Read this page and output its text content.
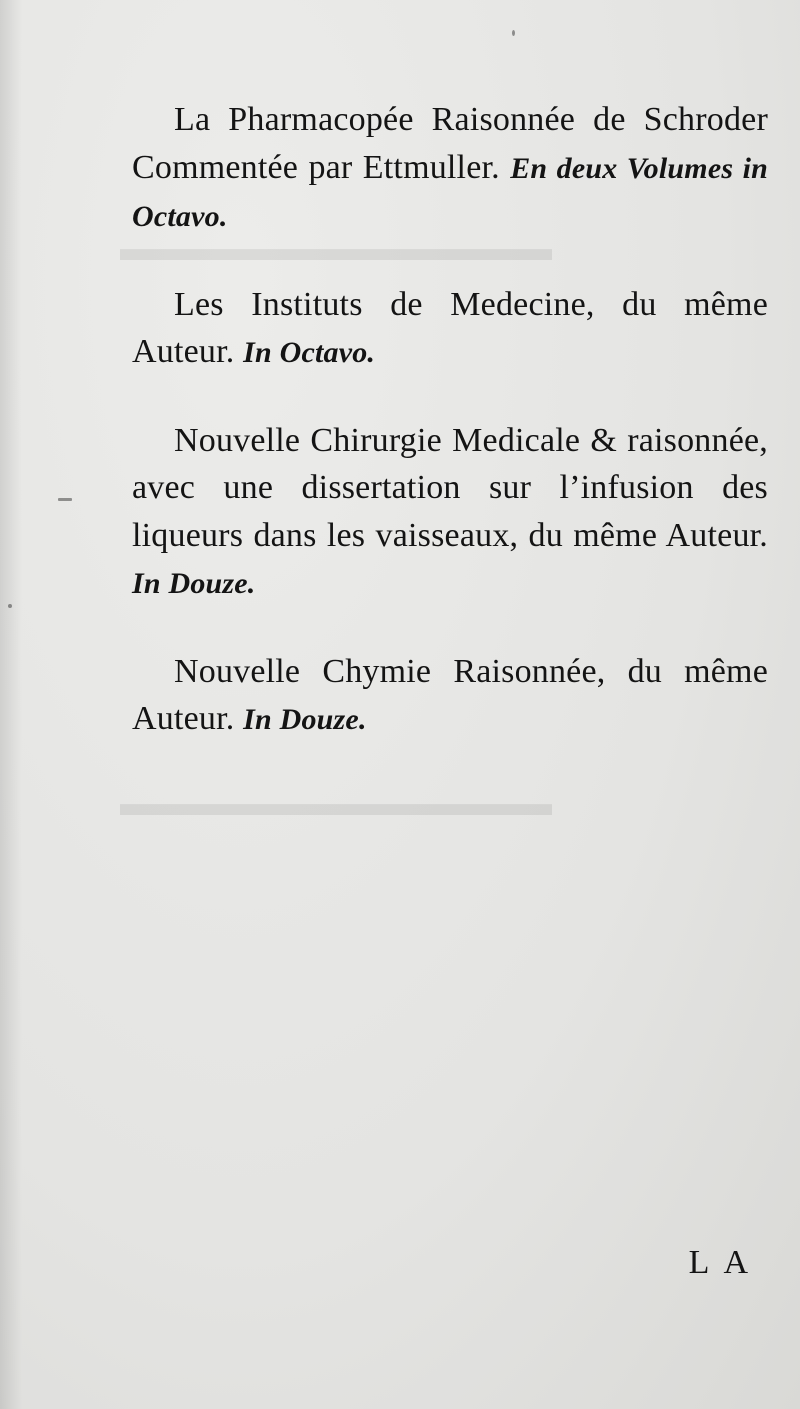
▬▬▬▬▬▬▬▬▬▬▬▬
▬▬▬▬▬▬▬▬▬▬▬▬

La Pharmacopée Raisonnée de Schroder Commentée par Ettmuller. En deux Volumes in Octavo.

Les Instituts de Medecine, du même Auteur. In Octavo.

Nouvelle Chirurgie Medicale & raisonnée, avec une dissertation sur l’infusion des liqueurs dans les vaisseaux, du même Auteur. In Douze.

Nouvelle Chymie Raisonnée, du même Auteur. In Douze.

LA
